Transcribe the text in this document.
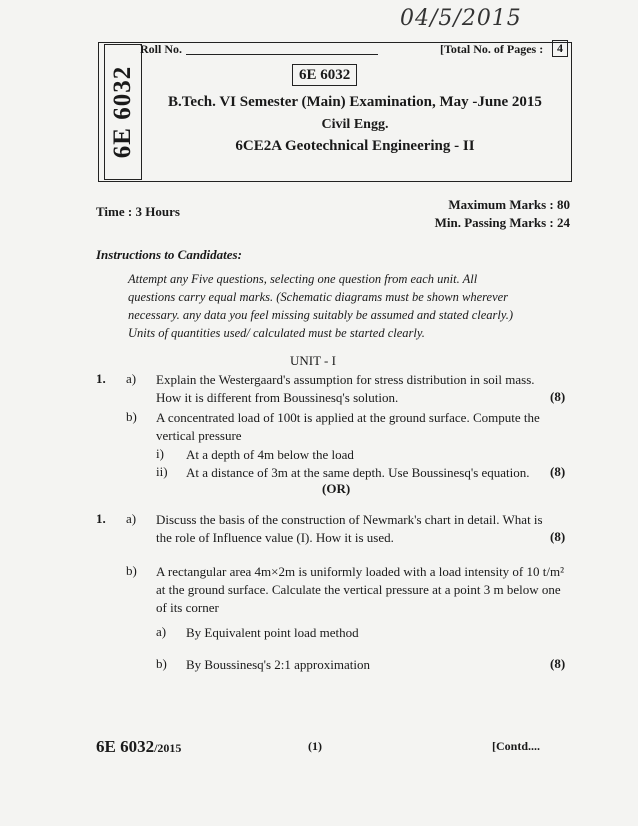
04/5/2015
6E 6032
Roll No.	[Total No. of Pages :	4
6E 6032
B.Tech. VI Semester (Main) Examination, May -June 2015
Civil Engg.
6CE2A Geotechnical Engineering - II
Time : 3 Hours	Maximum Marks : 80
Min. Passing Marks : 24
Instructions to Candidates:
Attempt any Five questions, selecting one question from each unit. All
questions carry equal marks. (Schematic diagrams must be shown wherever
necessary. any data you feel missing suitably be assumed and stated clearly.)
Units of quantities used/ calculated must be started clearly.
UNIT - I
1. a) Explain the Westergaard's assumption for stress distribution in soil mass.
How it is different from Boussinesq's solution.	(8)
b) A concentrated load of 100t is applied at the ground surface. Compute the
vertical pressure
i) At a depth of 4m below the load
ii) At a distance of 3m at the same depth. Use Boussinesq's equation. (8)
(OR)
1. a) Discuss the basis of the construction of Newmark's chart in detail. What is
the role of Influence value (I). How it is used.	(8)
b) A rectangular area 4m×2m is uniformly loaded with a load intensity of 10 t/m²
at the ground surface. Calculate the vertical pressure at a point 3 m below one
of its corner
a) By Equivalent point load method
b) By Boussinesq's 2:1 approximation	(8)
6E 6032/2015	(1)	[Contd....
